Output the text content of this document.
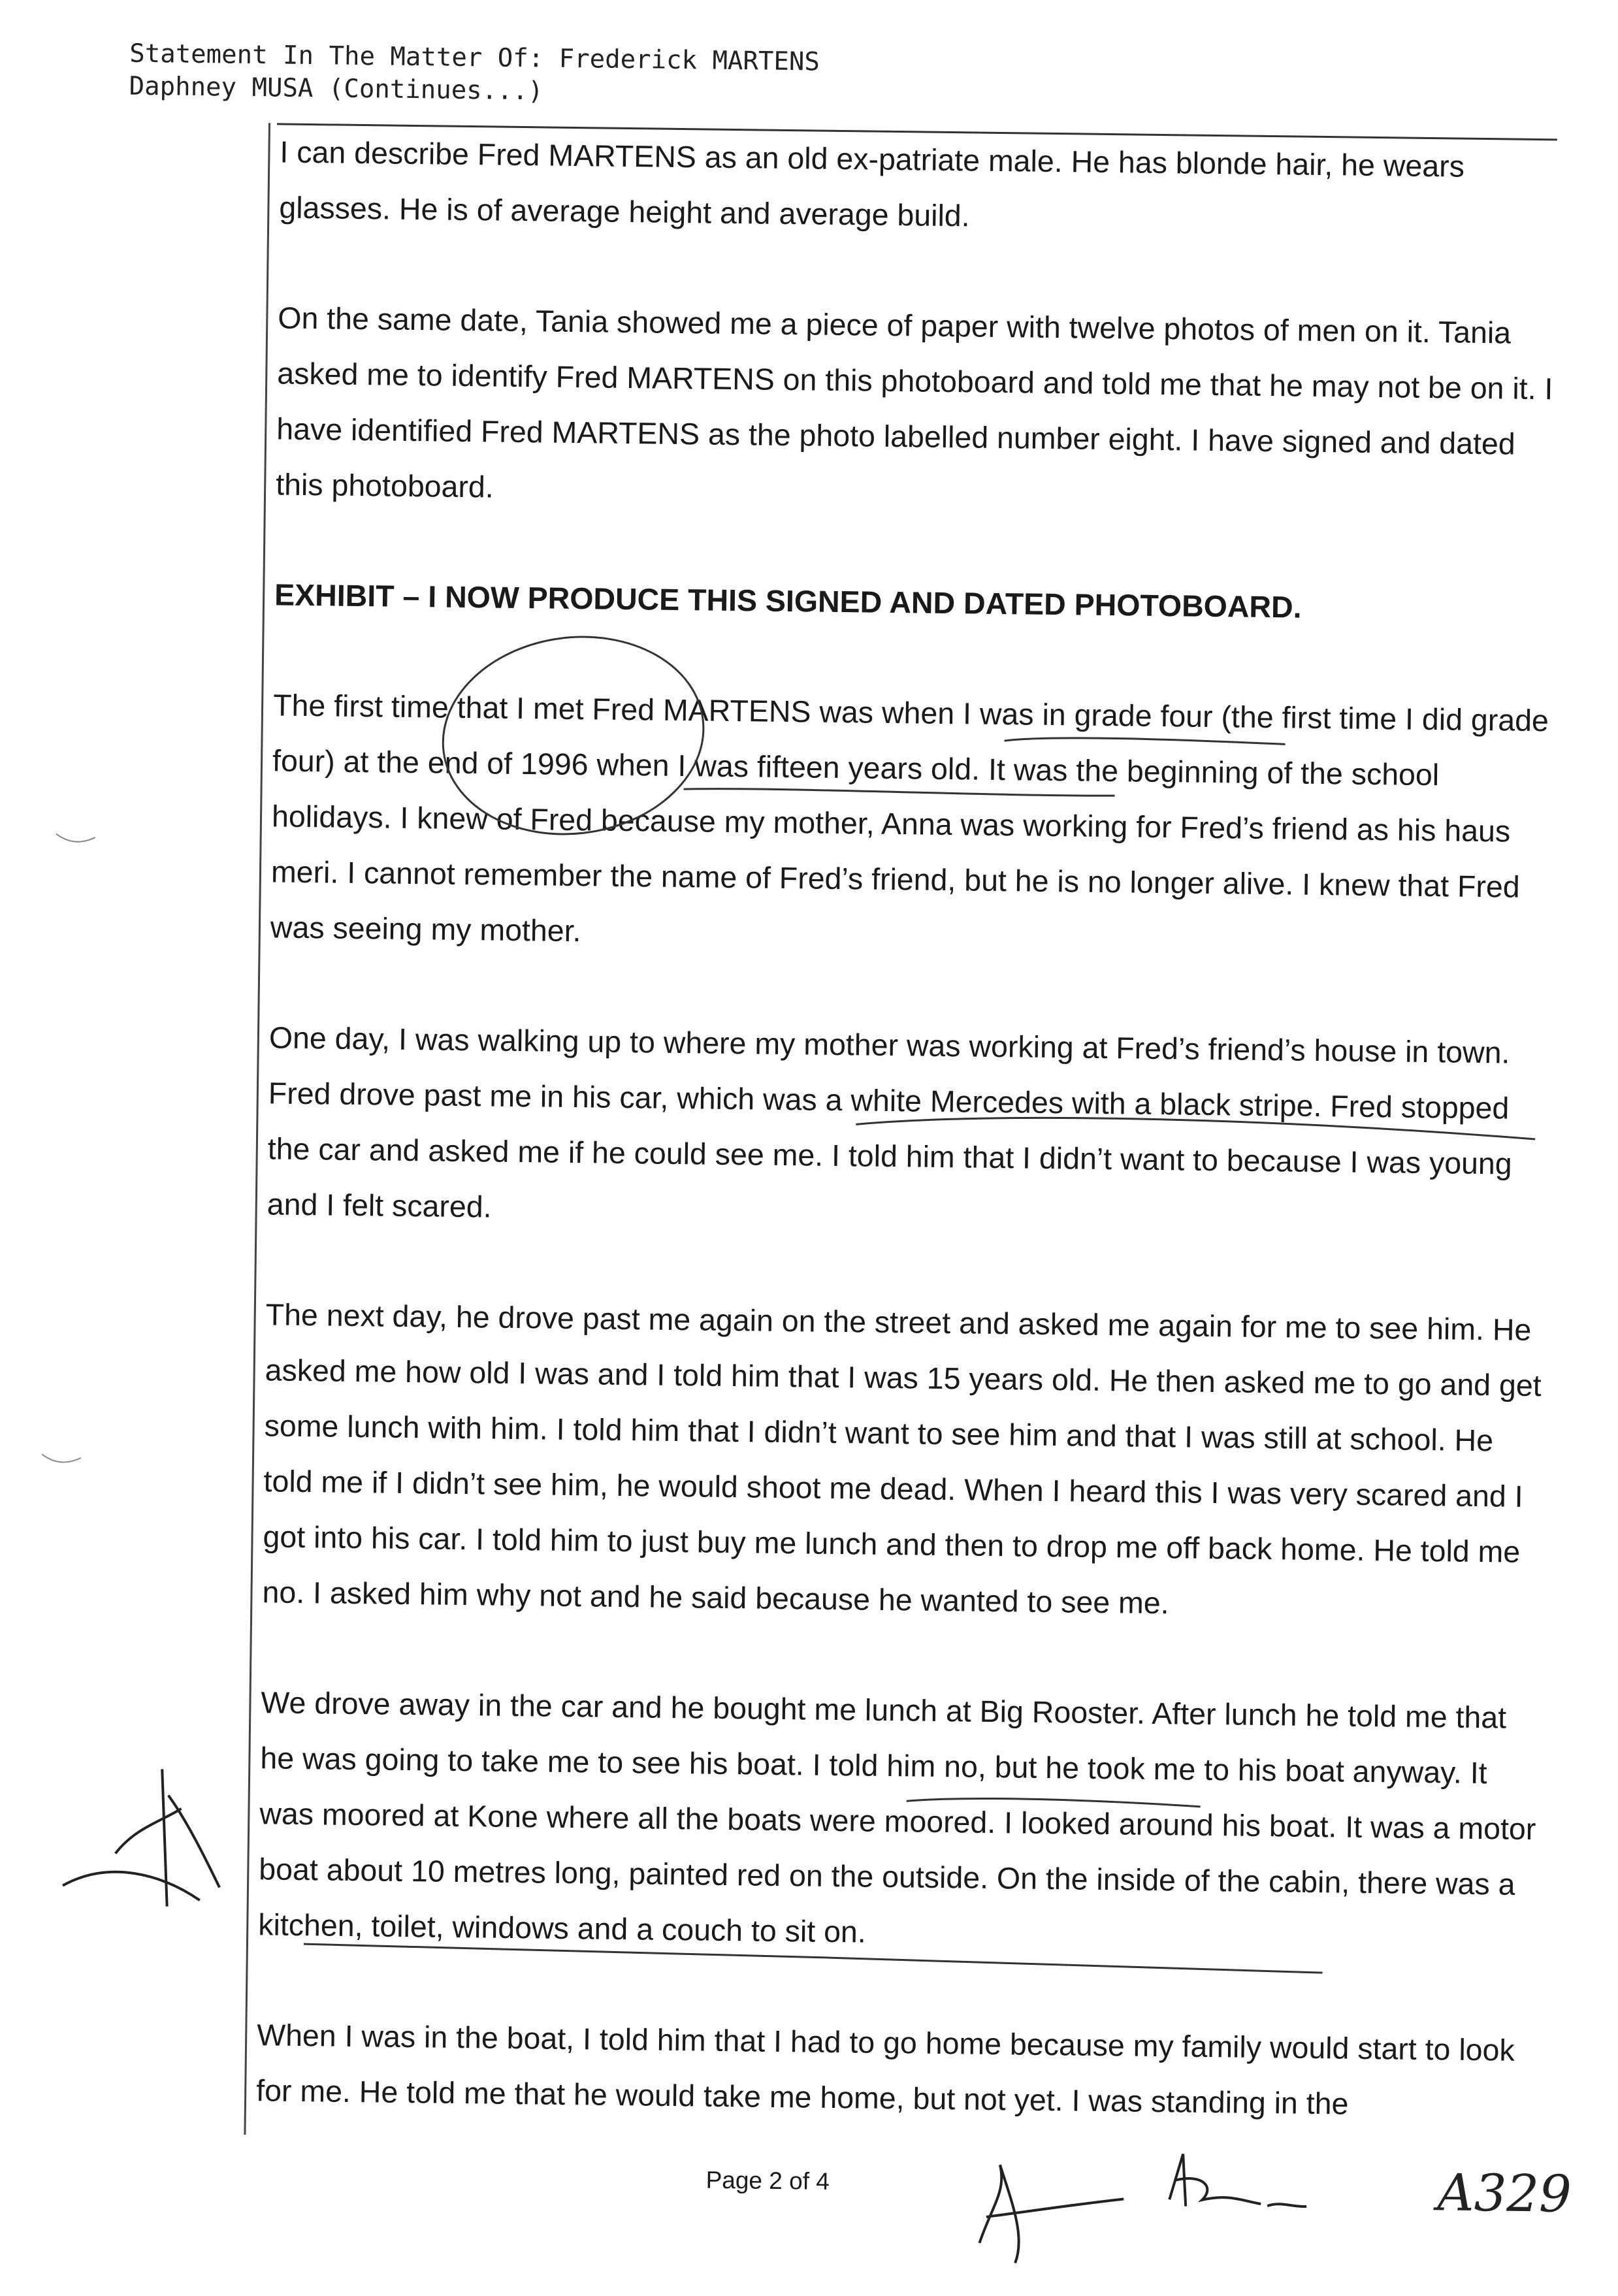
Statement In The Matter Of: Frederick MARTENS
Daphney MUSA (Continues...)

I can describe Fred MARTENS as an old ex-patriate male. He has blonde hair, he wears glasses. He is of average height and average build.

On the same date, Tania showed me a piece of paper with twelve photos of men on it. Tania asked me to identify Fred MARTENS on this photoboard and told me that he may not be on it. I have identified Fred MARTENS as the photo labelled number eight. I have signed and dated this photoboard.

EXHIBIT – I NOW PRODUCE THIS SIGNED AND DATED PHOTOBOARD.

The first time that I met Fred MARTENS was when I was in grade four (the first time I did grade four) at the end of 1996 when I was fifteen years old. It was the beginning of the school holidays. I knew of Fred because my mother, Anna was working for Fred’s friend as his haus meri. I cannot remember the name of Fred’s friend, but he is no longer alive. I knew that Fred was seeing my mother.

One day, I was walking up to where my mother was working at Fred’s friend’s house in town. Fred drove past me in his car, which was a white Mercedes with a black stripe. Fred stopped the car and asked me if he could see me. I told him that I didn’t want to because I was young and I felt scared.

The next day, he drove past me again on the street and asked me again for me to see him. He asked me how old I was and I told him that I was 15 years old. He then asked me to go and get some lunch with him. I told him that I didn’t want to see him and that I was still at school. He told me if I didn’t see him, he would shoot me dead. When I heard this I was very scared and I got into his car. I told him to just buy me lunch and then to drop me off back home. He told me no. I asked him why not and he said because he wanted to see me.

We drove away in the car and he bought me lunch at Big Rooster. After lunch he told me that he was going to take me to see his boat. I told him no, but he took me to his boat anyway. It was moored at Kone where all the boats were moored. I looked around his boat. It was a motor boat about 10 metres long, painted red on the outside. On the inside of the cabin, there was a kitchen, toilet, windows and a couch to sit on.

When I was in the boat, I told him that I had to go home because my family would start to look for me. He told me that he would take me home, but not yet. I was standing in the

Page 2 of 4	A329
